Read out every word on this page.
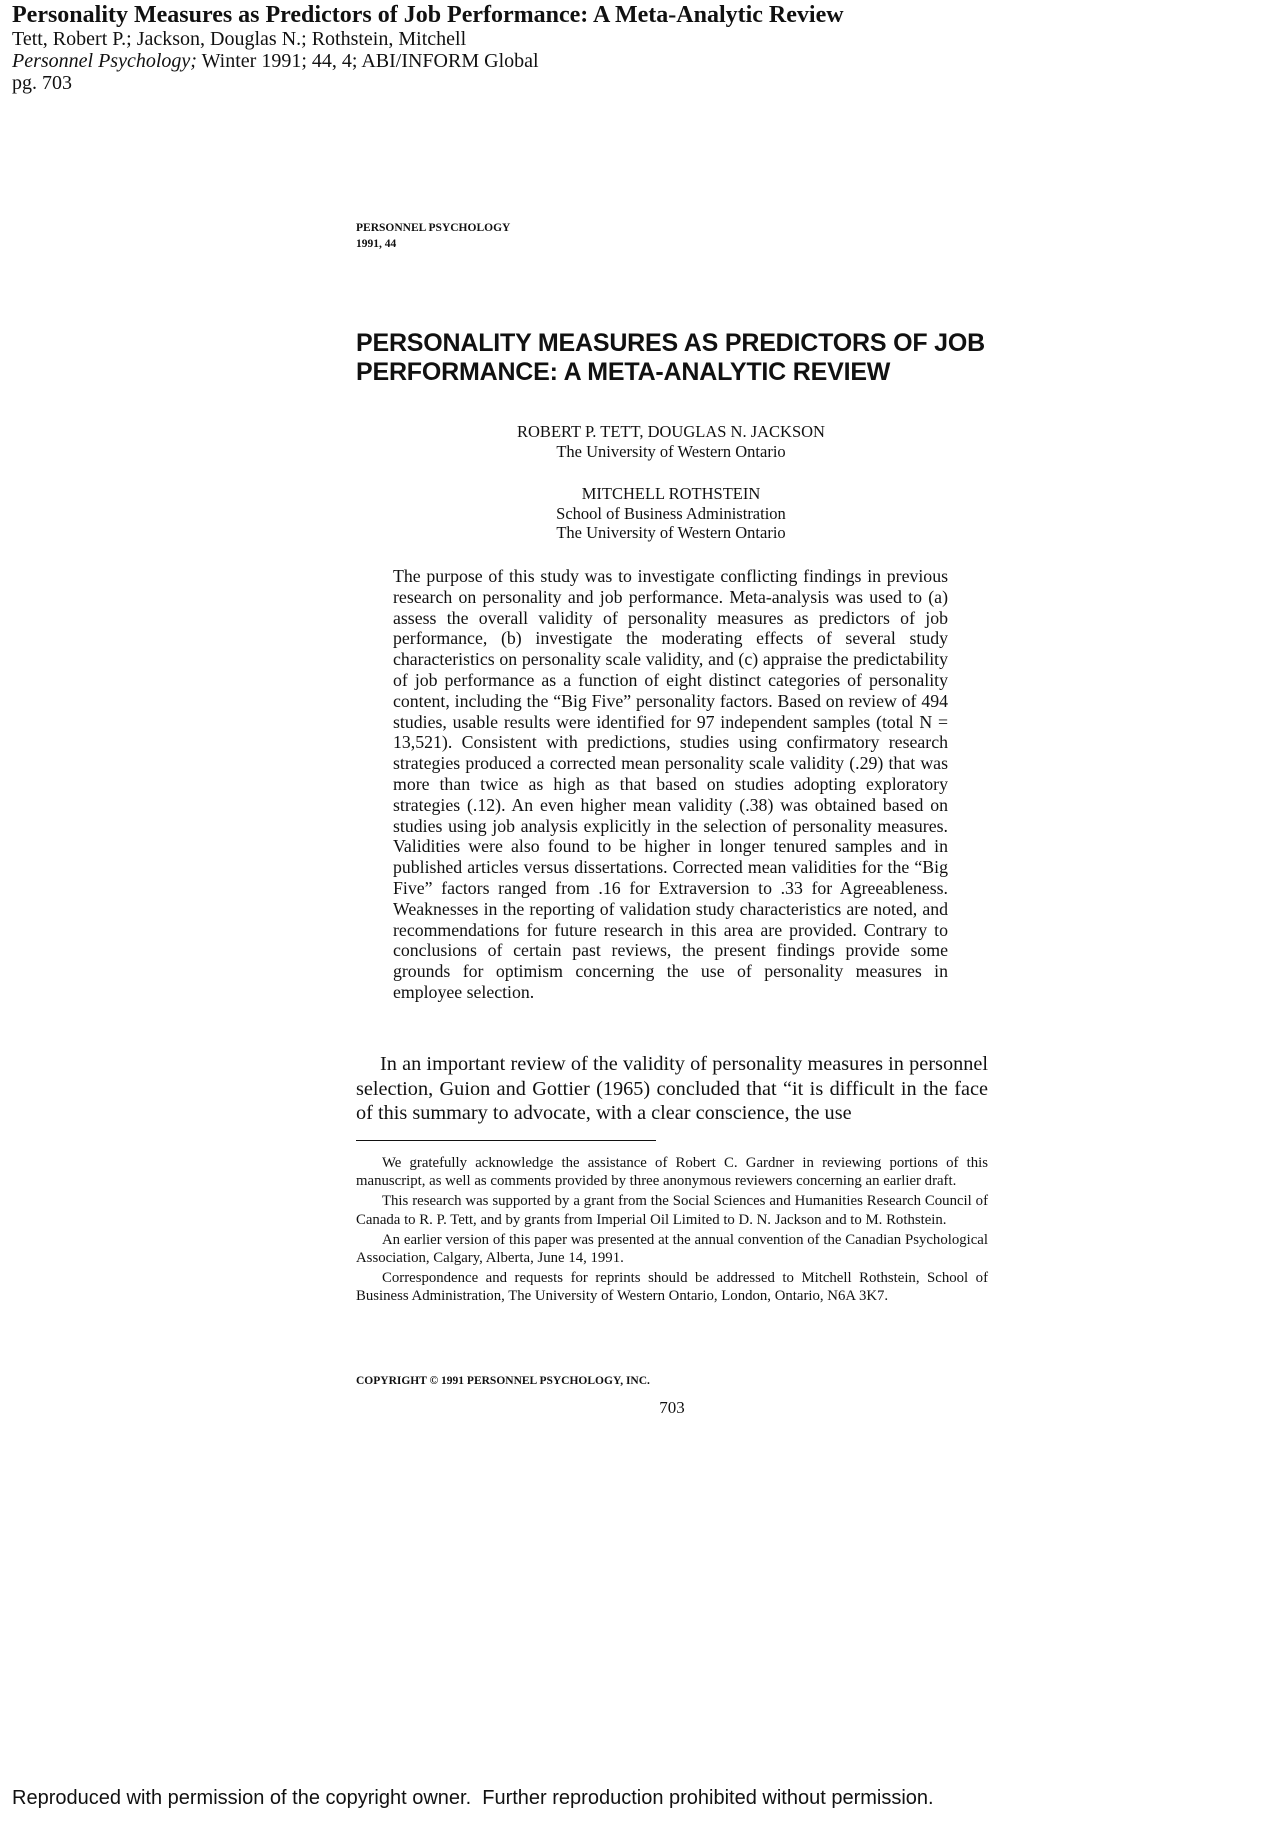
Personality Measures as Predictors of Job Performance: A Meta-Analytic Review
Tett, Robert P.; Jackson, Douglas N.; Rothstein, Mitchell
Personnel Psychology; Winter 1991; 44, 4; ABI/INFORM Global
pg. 703
PERSONNEL PSYCHOLOGY
1991, 44
PERSONALITY MEASURES AS PREDICTORS OF JOB
PERFORMANCE: A META-ANALYTIC REVIEW
ROBERT P. TETT, DOUGLAS N. JACKSON
The University of Western Ontario
MITCHELL ROTHSTEIN
School of Business Administration
The University of Western Ontario
The purpose of this study was to investigate conflicting findings in previous research on personality and job performance. Meta-analysis was used to (a) assess the overall validity of personality measures as predictors of job performance, (b) investigate the moderating effects of several study characteristics on personality scale validity, and (c) appraise the predictability of job performance as a function of eight distinct categories of personality content, including the “Big Five” personality factors. Based on review of 494 studies, usable results were identified for 97 independent samples (total N = 13,521). Consistent with predictions, studies using confirmatory research strategies produced a corrected mean personality scale validity (.29) that was more than twice as high as that based on studies adopting exploratory strategies (.12). An even higher mean validity (.38) was obtained based on studies using job analysis explicitly in the selection of personality measures. Validities were also found to be higher in longer tenured samples and in published articles versus dissertations. Corrected mean validities for the “Big Five” factors ranged from .16 for Extraversion to .33 for Agreeableness. Weaknesses in the reporting of validation study characteristics are noted, and recommendations for future research in this area are provided. Contrary to conclusions of certain past reviews, the present findings provide some grounds for optimism concerning the use of personality measures in employee selection.
In an important review of the validity of personality measures in personnel selection, Guion and Gottier (1965) concluded that “it is difficult in the face of this summary to advocate, with a clear conscience, the use

We gratefully acknowledge the assistance of Robert C. Gardner in reviewing portions of this manuscript, as well as comments provided by three anonymous reviewers concerning an earlier draft.

This research was supported by a grant from the Social Sciences and Humanities Research Council of Canada to R. P. Tett, and by grants from Imperial Oil Limited to D. N. Jackson and to M. Rothstein.

An earlier version of this paper was presented at the annual convention of the Canadian Psychological Association, Calgary, Alberta, June 14, 1991.

Correspondence and requests for reprints should be addressed to Mitchell Rothstein, School of Business Administration, The University of Western Ontario, London, Ontario, N6A 3K7.

COPYRIGHT © 1991 PERSONNEL PSYCHOLOGY, INC.
703
Reproduced with permission of the copyright owner.  Further reproduction prohibited without permission.
